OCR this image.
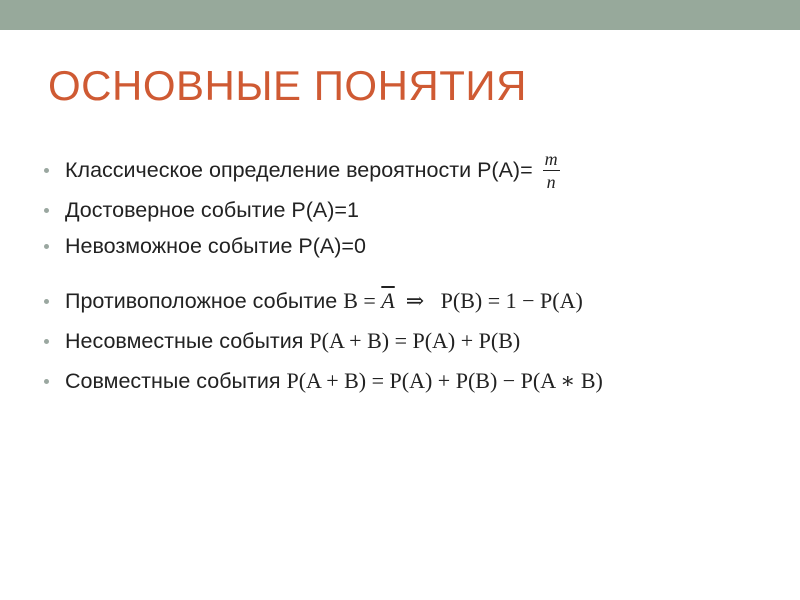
ОСНОВНЫЕ ПОНЯТИЯ
Классическое определение вероятности $Р(А)= \frac{m}{n}$
Достоверное событие Р(А)=1
Невозможное событие Р(А)=0
Противоположное событие $B = \overline{A}$  ⇒   P(B) = 1 − P(A)
Несовместные события P(A + B) = P(A) + P(B)
Совместные события P(A + B) = P(A) + P(B) − P(A ∗ B)
